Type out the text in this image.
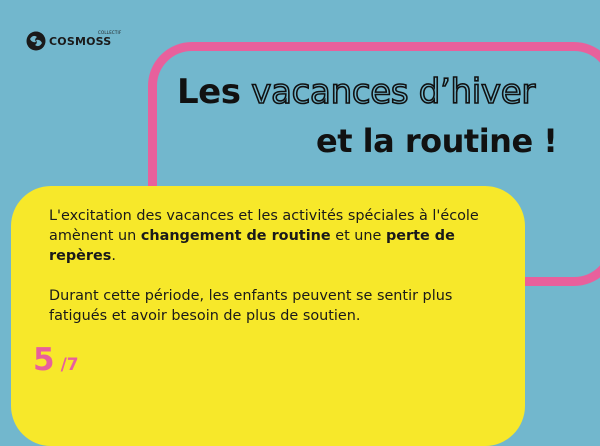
COSMOSS
COLLECTIF
Les vacances d’hiver
et la routine !

L'excitation des vacances et les activités spéciales à l'école amènent un changement de routine et une perte de repères.

Durant cette période, les enfants peuvent se sentir plus fatigués et avoir besoin de plus de soutien.

5 /7
